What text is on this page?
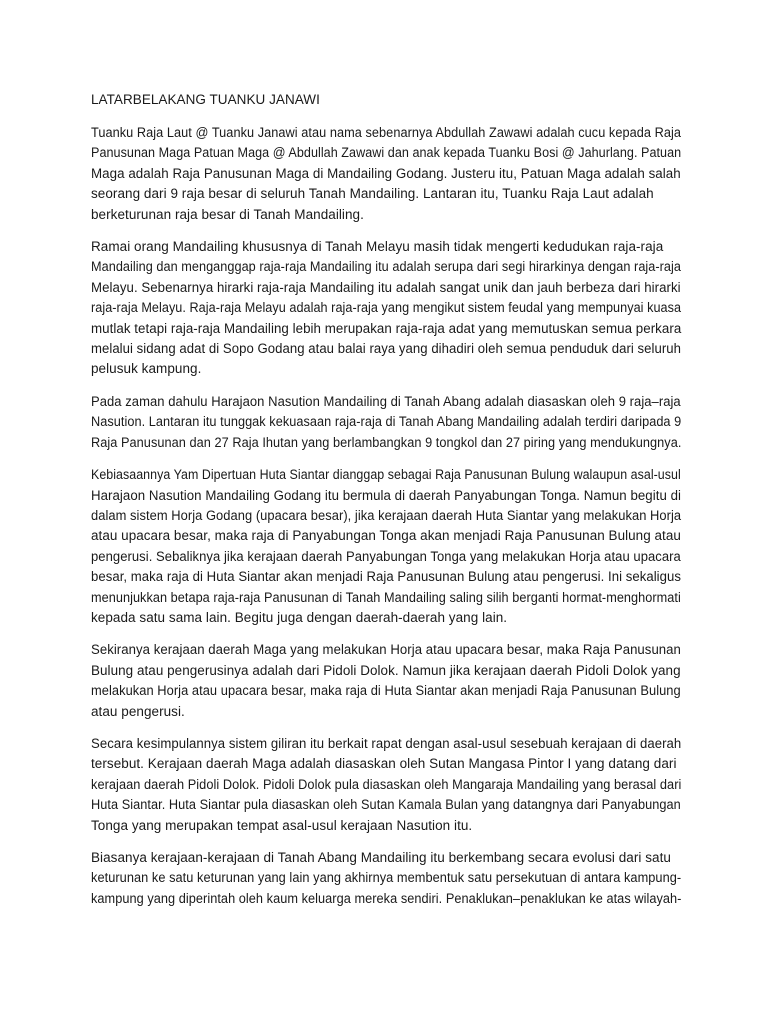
LATARBELAKANG TUANKU JANAWI
Tuanku Raja Laut @ Tuanku Janawi atau nama sebenarnya Abdullah Zawawi adalah cucu kepada Raja
Panusunan Maga Patuan Maga @ Abdullah Zawawi dan anak kepada Tuanku Bosi @ Jahurlang. Patuan
Maga adalah Raja Panusunan Maga di Mandailing Godang. Justeru itu, Patuan Maga adalah salah
seorang dari 9 raja besar di seluruh Tanah Mandailing. Lantaran itu, Tuanku Raja Laut adalah
berketurunan raja besar di Tanah Mandailing.
Ramai orang Mandailing khususnya di Tanah Melayu masih tidak mengerti kedudukan raja-raja
Mandailing dan menganggap raja-raja Mandailing itu adalah serupa dari segi hirarkinya dengan raja-raja
Melayu. Sebenarnya hirarki raja-raja Mandailing itu adalah sangat unik dan jauh berbeza dari hirarki
raja-raja Melayu. Raja-raja Melayu adalah raja-raja yang mengikut sistem feudal yang mempunyai kuasa
mutlak tetapi raja-raja Mandailing lebih merupakan raja-raja adat yang memutuskan semua perkara
melalui sidang adat di Sopo Godang atau balai raya yang dihadiri oleh semua penduduk dari seluruh
pelusuk kampung.
Pada zaman dahulu Harajaon Nasution Mandailing di Tanah Abang adalah diasaskan oleh 9 raja–raja
Nasution. Lantaran itu tunggak kekuasaan raja-raja di Tanah Abang Mandailing adalah terdiri daripada 9
Raja Panusunan dan 27 Raja Ihutan yang berlambangkan 9 tongkol dan 27 piring yang mendukungnya.
Kebiasaannya Yam Dipertuan Huta Siantar dianggap sebagai Raja Panusunan Bulung walaupun asal-usul
Harajaon Nasution Mandailing Godang itu bermula di daerah Panyabungan Tonga. Namun begitu di
dalam sistem Horja Godang (upacara besar), jika kerajaan daerah Huta Siantar yang melakukan Horja
atau upacara besar, maka raja di Panyabungan Tonga akan menjadi Raja Panusunan Bulung atau
pengerusi. Sebaliknya jika kerajaan daerah Panyabungan Tonga yang melakukan Horja atau upacara
besar, maka raja di Huta Siantar akan menjadi Raja Panusunan Bulung atau pengerusi. Ini sekaligus
menunjukkan betapa raja-raja Panusunan di Tanah Mandailing saling silih berganti hormat-menghormati
kepada satu sama lain. Begitu juga dengan daerah-daerah yang lain.
Sekiranya kerajaan daerah Maga yang melakukan Horja atau upacara besar, maka Raja Panusunan
Bulung atau pengerusinya adalah dari Pidoli Dolok. Namun jika kerajaan daerah Pidoli Dolok yang
melakukan Horja atau upacara besar, maka raja di Huta Siantar akan menjadi Raja Panusunan Bulung
atau pengerusi.
Secara kesimpulannya sistem giliran itu berkait rapat dengan asal-usul sesebuah kerajaan di daerah
tersebut. Kerajaan daerah Maga adalah diasaskan oleh Sutan Mangasa Pintor I yang datang dari
kerajaan daerah Pidoli Dolok. Pidoli Dolok pula diasaskan oleh Mangaraja Mandailing yang berasal dari
Huta Siantar. Huta Siantar pula diasaskan oleh Sutan Kamala Bulan yang datangnya dari Panyabungan
Tonga yang merupakan tempat asal-usul kerajaan Nasution itu.
Biasanya kerajaan-kerajaan di Tanah Abang Mandailing itu berkembang secara evolusi dari satu
keturunan ke satu keturunan yang lain yang akhirnya membentuk satu persekutuan di antara kampung-
kampung yang diperintah oleh kaum keluarga mereka sendiri. Penaklukan–penaklukan ke atas wilayah-
